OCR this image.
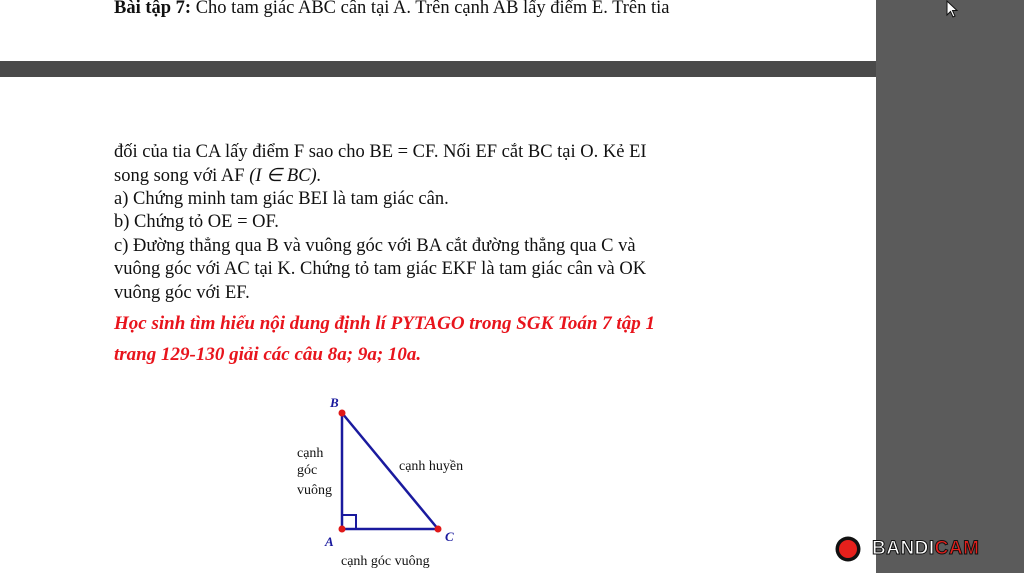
Bài tập 7: Cho tam giác ABC cân tại A. Trên cạnh AB lấy điểm E. Trên tia
đối của tia CA lấy điểm F sao cho BE = CF. Nối EF cắt BC tại O. Kẻ EI
song song với AF (I ∈ BC).
a) Chứng minh tam giác BEI là tam giác cân.
b) Chứng tỏ OE = OF.
c) Đường thẳng qua B và vuông góc với BA cắt đường thẳng qua C và
vuông góc với AC tại K. Chứng tỏ tam giác EKF là tam giác cân và OK
vuông góc với EF.
Học sinh tìm hiểu nội dung định lí PYTAGO trong SGK Toán 7 tập 1
trang 129-130 giải các câu 8a; 9a; 10a.
B
A	C
cạnh
góc
vuông
cạnh huyền
cạnh góc vuông
BANDICAM
